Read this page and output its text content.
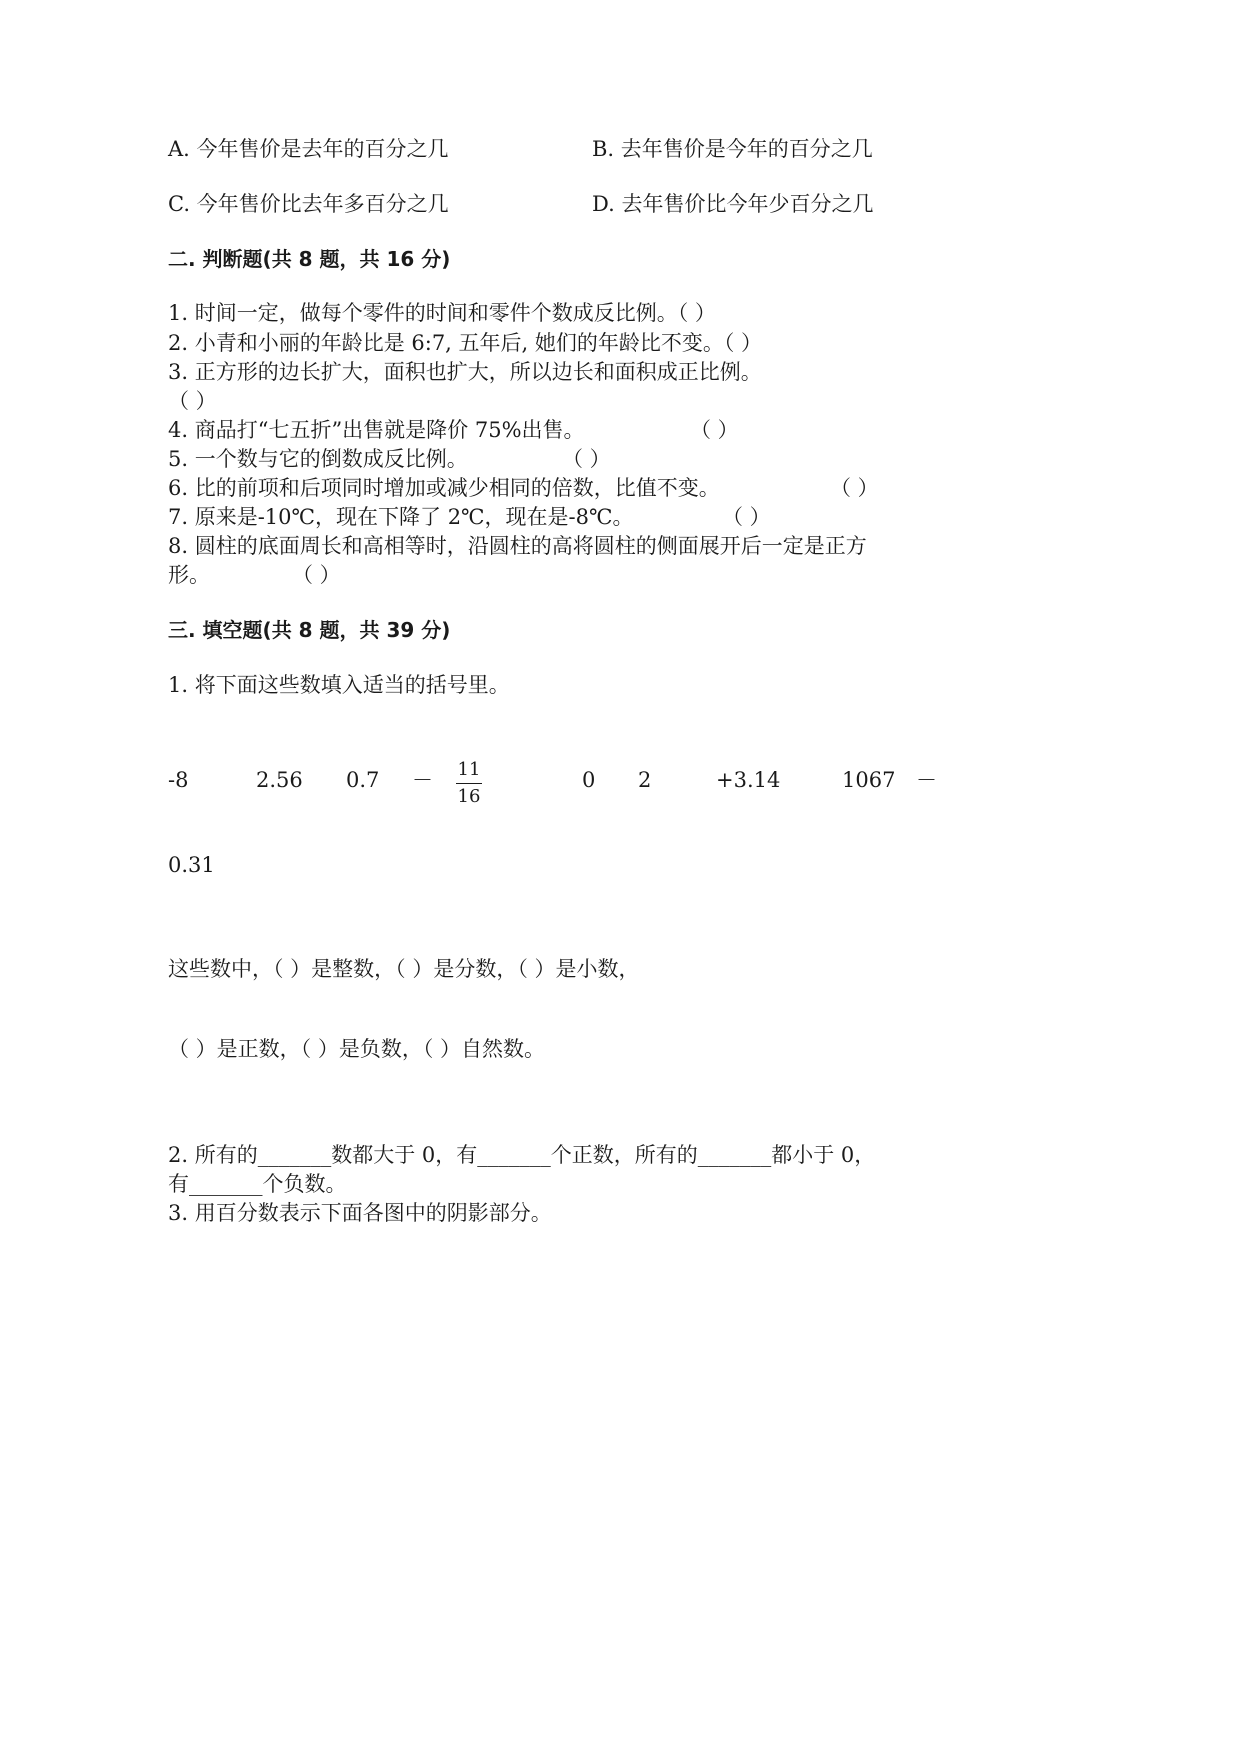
A. 今年售价是去年的百分之几	B. 去年售价是今年的百分之几
C. 今年售价比去年多百分之几	D. 去年售价比今年少百分之几
二. 判断题(共 8 题，共 16 分)
1. 时间一定，做每个零件的时间和零件个数成反比例。（ ）
2. 小青和小丽的年龄比是 6:7, 五年后, 她们的年龄比不变。（ ）
3. 正方形的边长扩大，面积也扩大，所以边长和面积成正比例。
（ ）
4. 商品打“七五折”出售就是降价 75%出售。	（ ）
5. 一个数与它的倒数成反比例。	（ ）
6. 比的前项和后项同时增加或减少相同的倍数，比值不变。	（ ）
7. 原来是-10℃，现在下降了 2℃，现在是-8℃。	（ ）
8. 圆柱的底面周长和高相等时，沿圆柱的高将圆柱的侧面展开后一定是正方
形。	（ ）
三. 填空题(共 8 题，共 39 分)
1. 将下面这些数填入适当的括号里。
-8	2.56 0.7 －	11
16
0 2	+3.14	1067 －
0.31
这些数中，（ ）是整数，（ ）是分数，（ ）是小数，
（ ）是正数，（ ）是负数，（ ）自然数。
2. 所有的_______数都大于 0，有_______个正数，所有的_______都小于 0，
有_______个负数。
3. 用百分数表示下面各图中的阴影部分。
